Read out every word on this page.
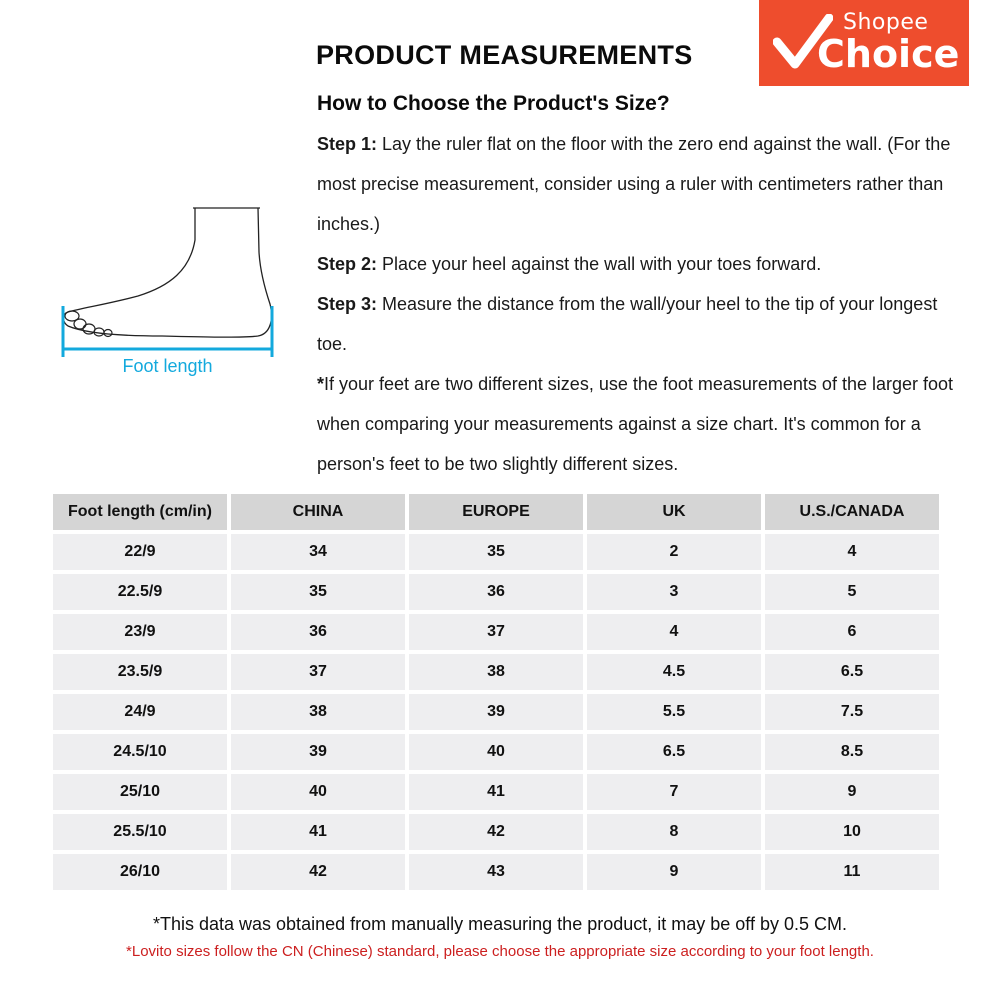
Shopee
Choice
PRODUCT MEASUREMENTS
How to Choose the Product's Size?

Step 1: Lay the ruler flat on the floor with the zero end against the wall. (For the most precise measurement, consider using a ruler with centimeters rather than inches.)

Step 2: Place your heel against the wall with your toes forward.

Step 3: Measure the distance from the wall/your heel to the tip of your longest toe.

*If your feet are two different sizes, use the foot measurements of the larger foot when comparing your measurements against a size chart. It's common for a person's feet to be two slightly different sizes.

Foot length
Foot length (cm/in)	CHINA	EUROPE	UK	U.S./CANADA
22/9	34	35	2	4
22.5/9	35	36	3	5
23/9	36	37	4	6
23.5/9	37	38	4.5	6.5
24/9	38	39	5.5	7.5
24.5/10	39	40	6.5	8.5
25/10	40	41	7	9
25.5/10	41	42	8	10
26/10	42	43	9	11
*This data was obtained from manually measuring the product, it may be off by 0.5 CM.
*Lovito sizes follow the CN (Chinese) standard, please choose the appropriate size according to your foot length.
